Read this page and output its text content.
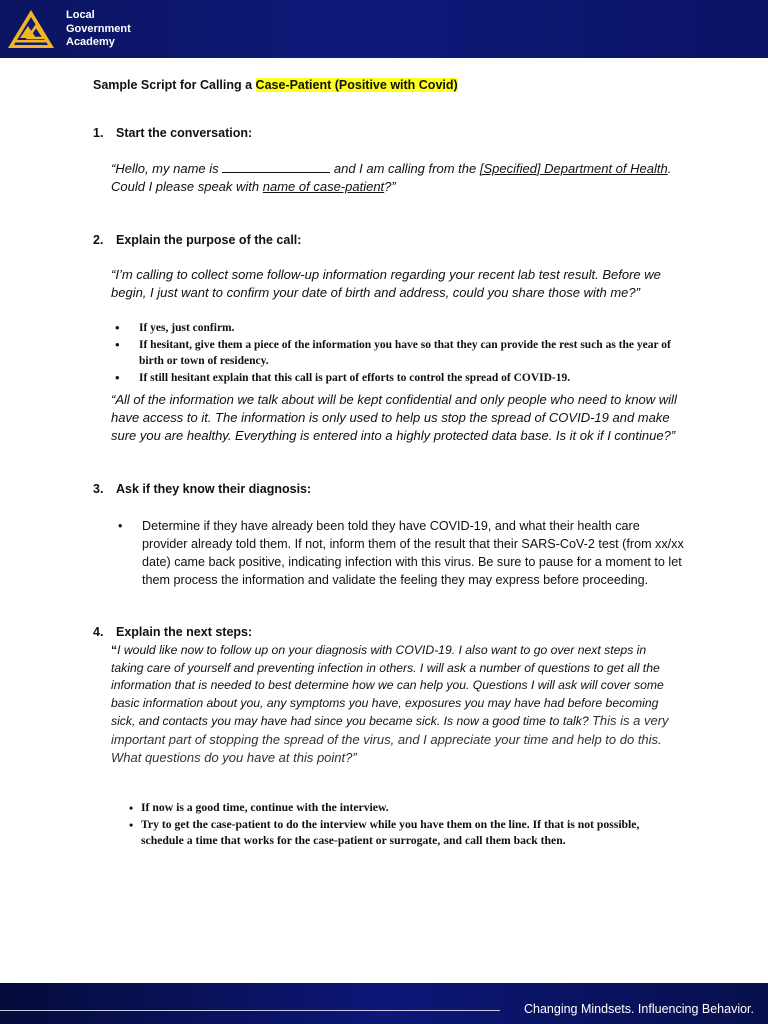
Local
Government
Academy
Sample Script for Calling a Case-Patient (Positive with Covid)
1. Start the conversation:
“Hello, my name is	and I am calling from the [Specified] Department of Health. Could I please speak with name of case-patient?”
2. Explain the purpose of the call:
“I’m calling to collect some follow-up information regarding your recent lab test result. Before we begin, I just want to confirm your date of birth and address, could you share those with me?”
• If yes, just confirm.
• If hesitant, give them a piece of the information you have so that they can provide the rest such as the year of birth or town of residency.
• If still hesitant explain that this call is part of efforts to control the spread of COVID-19.
“All of the information we talk about will be kept confidential and only people who need to know will have access to it. The information is only used to help us stop the spread of COVID-19 and make sure you are healthy. Everything is entered into a highly protected data base. Is it ok if I continue?”
3. Ask if they know their diagnosis:
• Determine if they have already been told they have COVID-19, and what their health care provider already told them. If not, inform them of the result that their SARS-CoV-2 test (from xx/xx date) came back positive, indicating infection with this virus. Be sure to pause for a moment to let them process the information and validate the feeling they may express before proceeding.
4. Explain the next steps:
“I would like now to follow up on your diagnosis with COVID-19. I also want to go over next steps in taking care of yourself and preventing infection in others. I will ask a number of questions to get all the information that is needed to best determine how we can help you. Questions I will ask will cover some basic information about you, any symptoms you have, exposures you may have had before becoming sick, and contacts you may have had since you became sick. Is now a good time to talk? This is a very important part of stopping the spread of the virus, and I appreciate your time and help to do this. What questions do you have at this point?”
• If now is a good time, continue with the interview.
• Try to get the case-patient to do the interview while you have them on the line. If that is not possible, schedule a time that works for the case-patient or surrogate, and call them back then.
Changing Mindsets. Influencing Behavior.
